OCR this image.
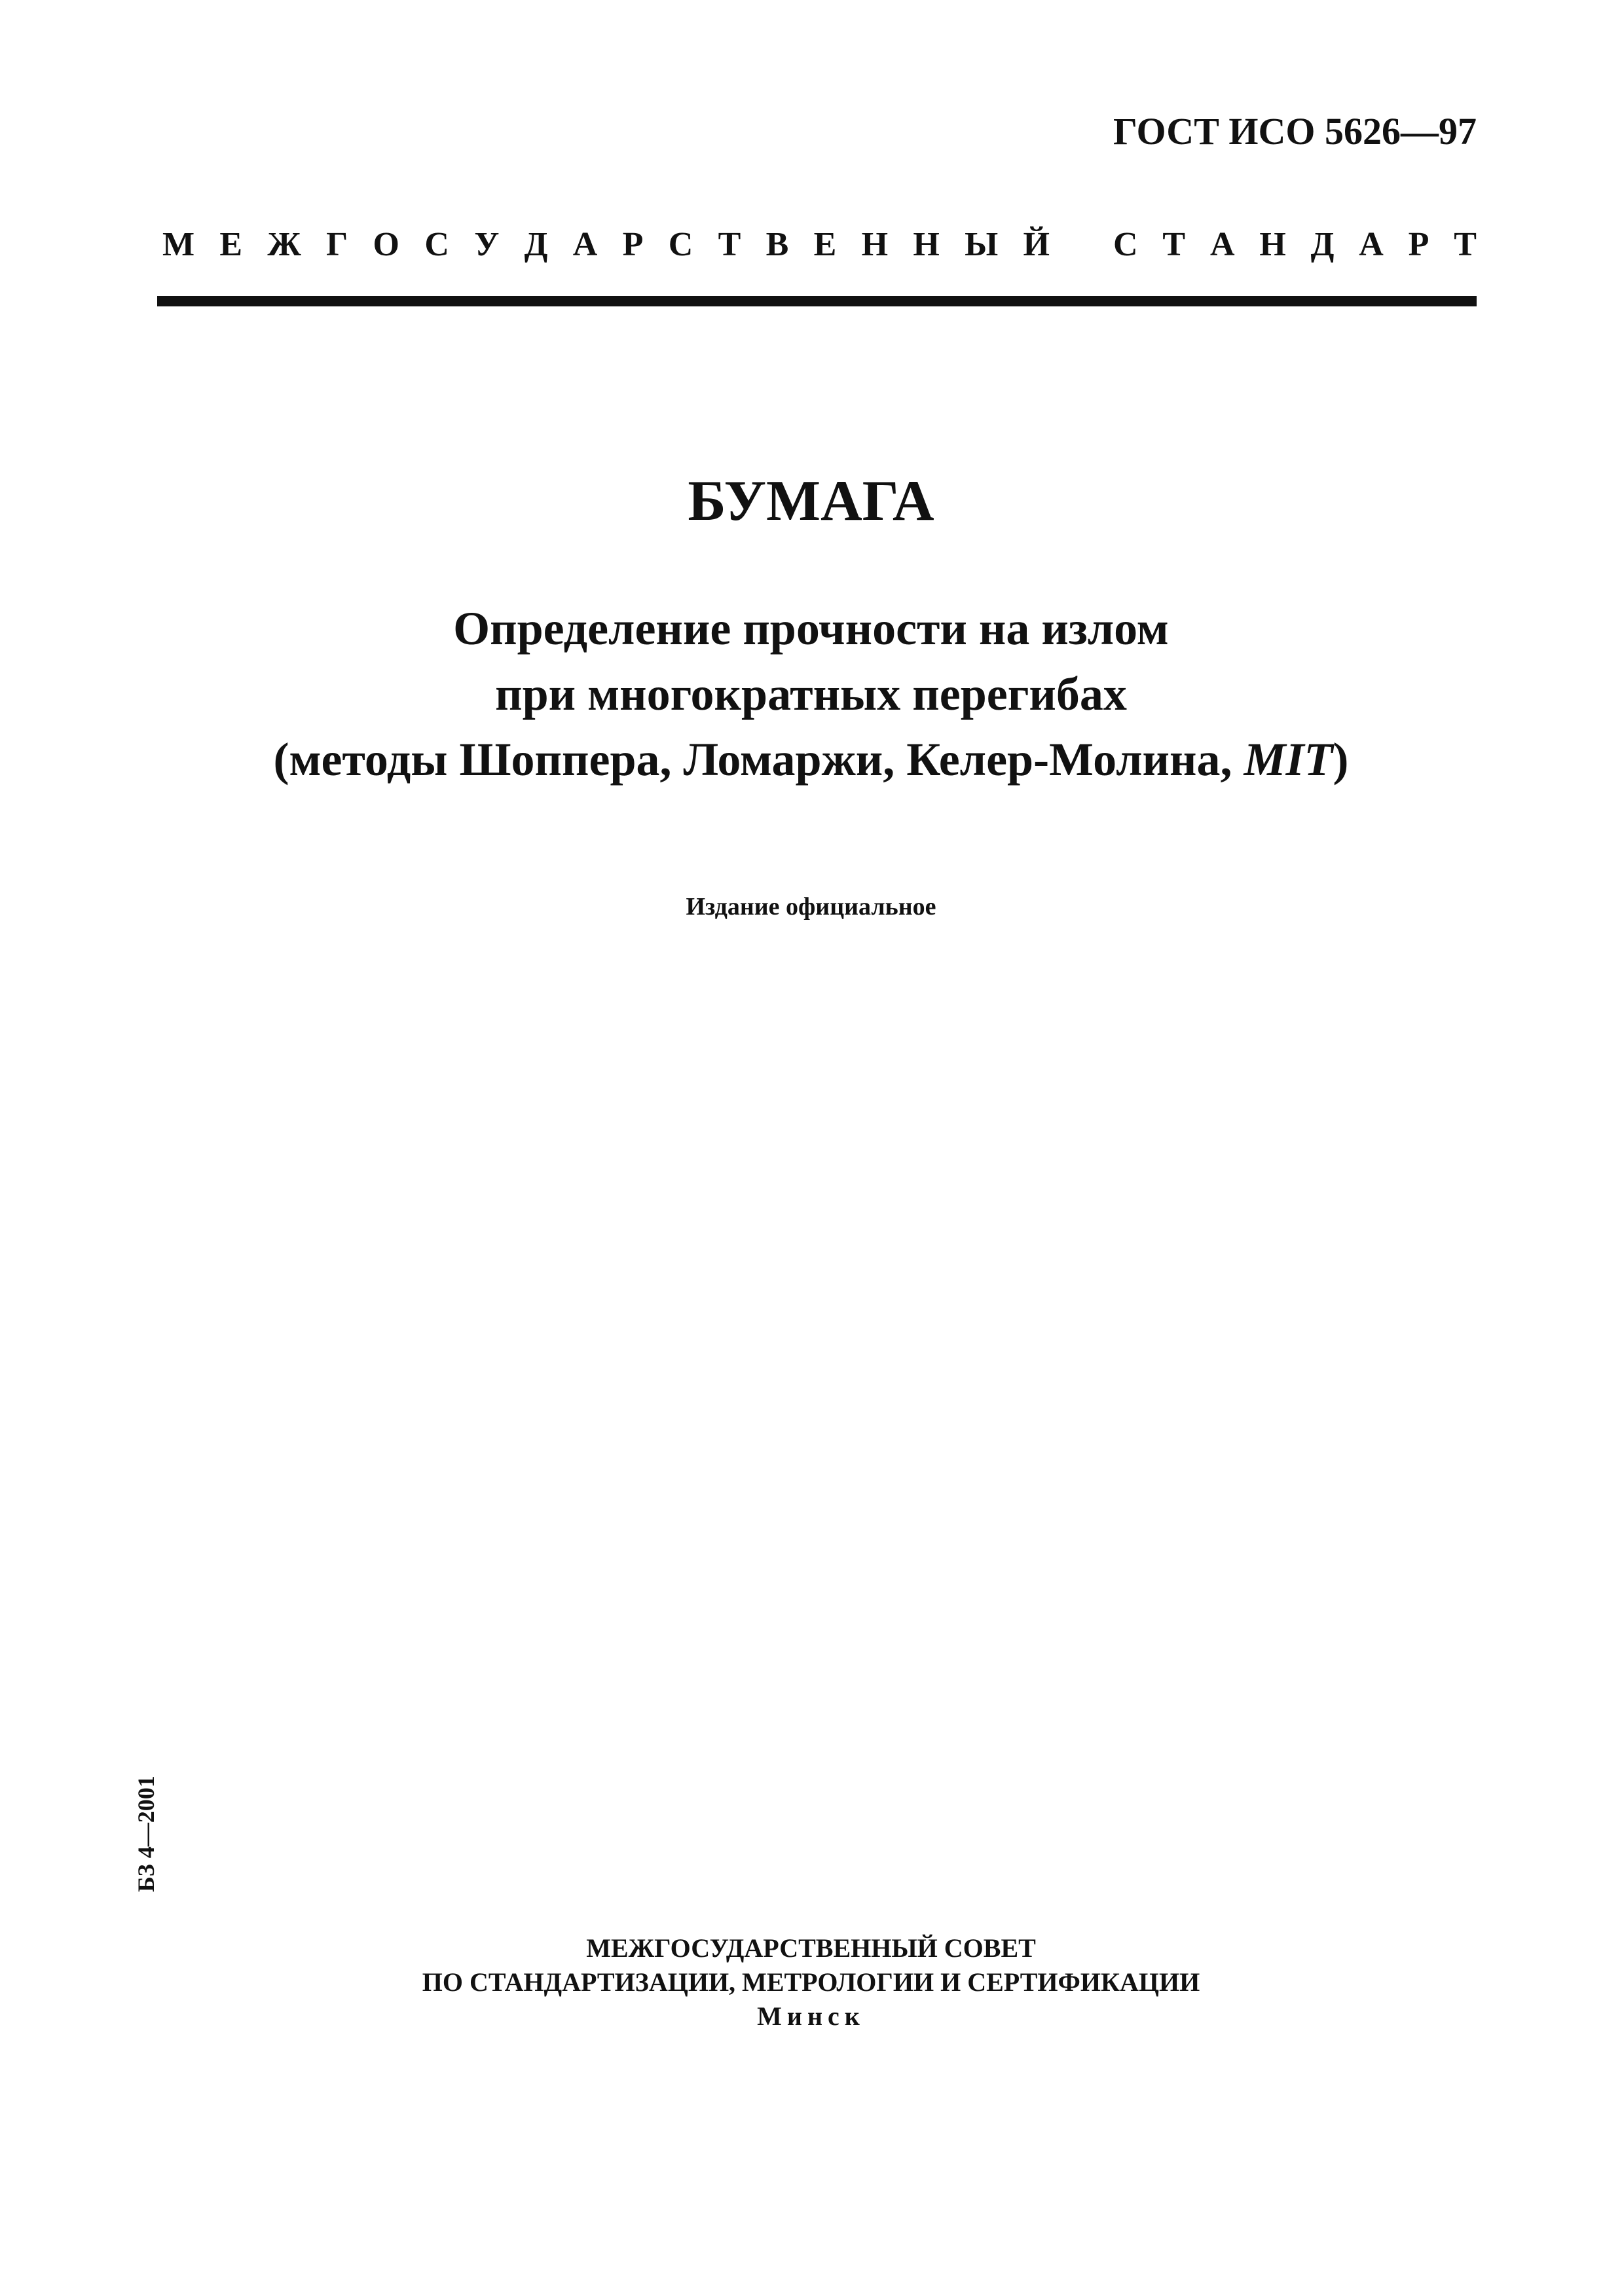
ГОСТ ИСО 5626—97
М Е Ж Г О С У Д А Р С Т В Е Н Н Ы Й С Т А Н Д А Р Т
БУМАГА
Определение прочности на излом
при многократных перегибах
(методы Шоппера, Ломаржи, Келер-Молина, MIT)
Издание официальное
БЗ 4—2001
МЕЖГОСУДАРСТВЕННЫЙ СОВЕТ
ПО СТАНДАРТИЗАЦИИ, МЕТРОЛОГИИ И СЕРТИФИКАЦИИ
Минск
